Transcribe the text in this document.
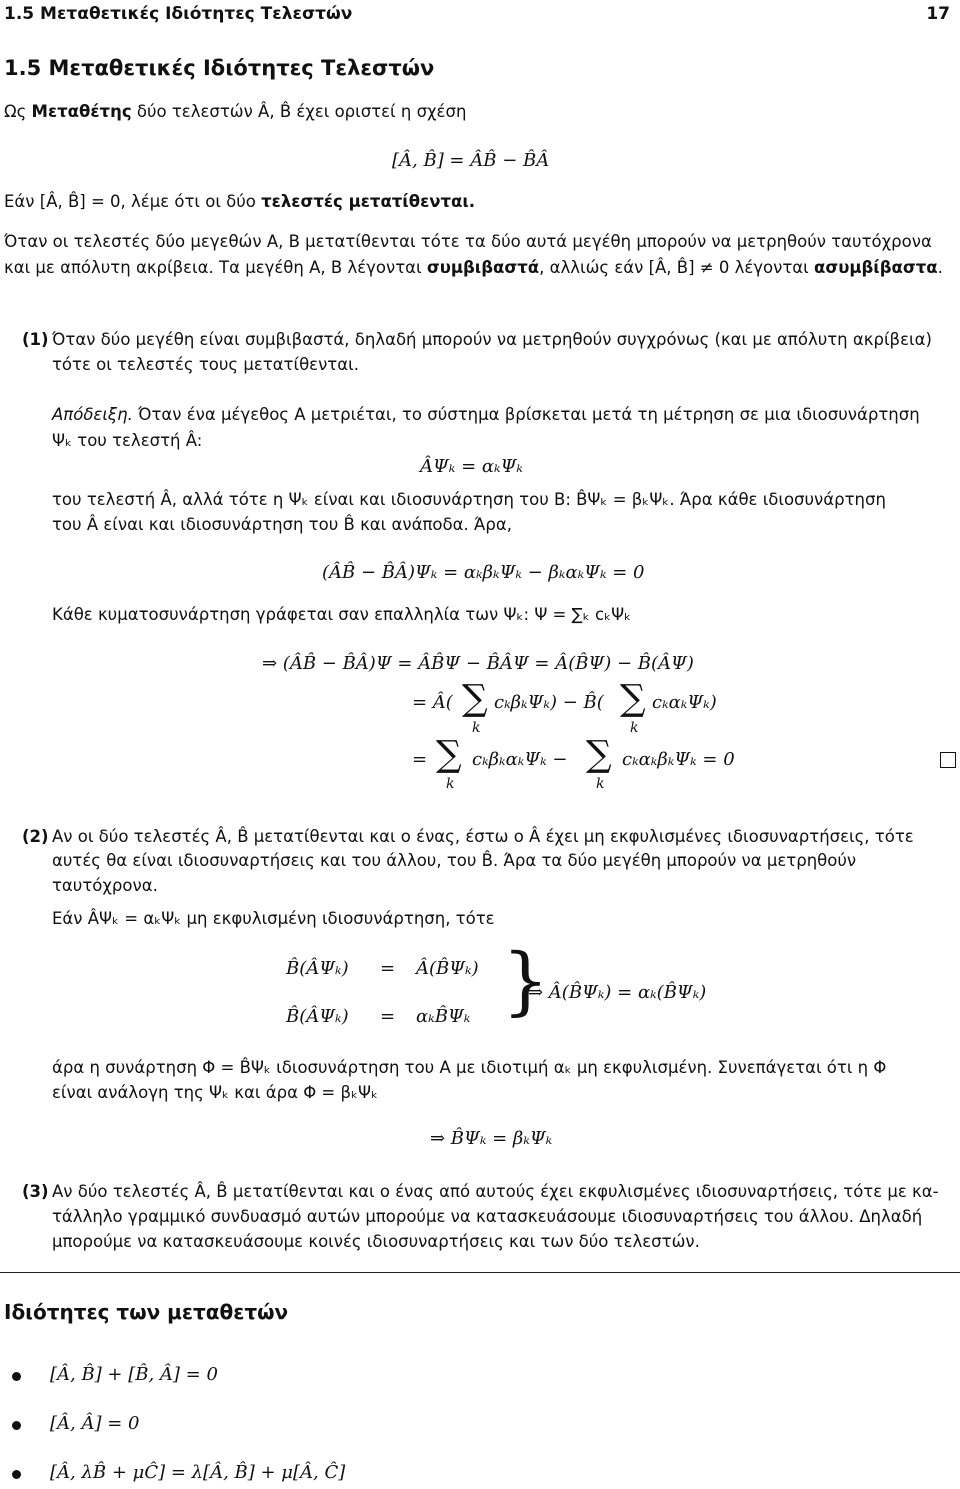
1.5 Μεταθετικές Ιδιότητες Τελεστών	17
1.5 Μεταθετικές Ιδιότητες Τελεστών
Ως Μεταθέτης δύο τελεστών Â, B̂ έχει οριστεί η σχέση
[Â, B̂] = ÂB̂ − B̂Â
Εάν [Â, B̂] = 0, λέμε ότι οι δύο τελεστές μετατίθενται.
Όταν οι τελεστές δύο μεγεθών A, B μετατίθενται τότε τα δύο αυτά μεγέθη μπορούν να μετρηθούν ταυτόχρονα
και με απόλυτη ακρίβεια. Τα μεγέθη A, B λέγονται συμβιβαστά, αλλιώς εάν [Â, B̂] ≠ 0 λέγονται ασυμβίβαστα.
(1) Όταν δύο μεγέθη είναι συμβιβαστά, δηλαδή μπορούν να μετρηθούν συγχρόνως (και με απόλυτη ακρίβεια)
τότε οι τελεστές τους μετατίθενται.
Απόδειξη. Όταν ένα μέγεθος A μετριέται, το σύστημα βρίσκεται μετά τη μέτρηση σε μια ιδιοσυνάρτηση
Ψₖ του τελεστή Â:
ÂΨₖ = αₖΨₖ
του τελεστή Â, αλλά τότε η Ψₖ είναι και ιδιοσυνάρτηση του B: B̂Ψₖ = βₖΨₖ. Άρα κάθε ιδιοσυνάρτηση
του Â είναι και ιδιοσυνάρτηση του B̂ και ανάποδα. Άρα,
(ÂB̂ − B̂Â)Ψₖ = αₖβₖΨₖ − βₖαₖΨₖ = 0
Κάθε κυματοσυνάρτηση γράφεται σαν επαλληλία των Ψₖ: Ψ = ∑ₖ cₖΨₖ
⇒ (ÂB̂ − B̂Â)Ψ = ÂB̂Ψ − B̂ÂΨ = Â(B̂Ψ) − B̂(ÂΨ)
= Â( ∑
k
cₖβₖΨₖ) − B̂( ∑
k
cₖαₖΨₖ)
= ∑
k
cₖβₖαₖΨₖ − ∑
k
cₖαₖβₖΨₖ = 0
(2) Αν οι δύο τελεστές Â, B̂ μετατίθενται και ο ένας, έστω ο Â έχει μη εκφυλισμένες ιδιοσυναρτήσεις, τότε
αυτές θα είναι ιδιοσυναρτήσεις και του άλλου, του B̂. Άρα τα δύο μεγέθη μπορούν να μετρηθούν
ταυτόχρονα.
Εάν ÂΨₖ = αₖΨₖ μη εκφυλισμένη ιδιοσυνάρτηση, τότε
B̂(ÂΨₖ) = Â(B̂Ψₖ)
B̂(ÂΨₖ) = αₖB̂Ψₖ }
⇒ Â(B̂Ψₖ) = αₖ(B̂Ψₖ)
άρα η συνάρτηση Φ = B̂Ψₖ ιδιοσυνάρτηση του A με ιδιοτιμή αₖ μη εκφυλισμένη. Συνεπάγεται ότι η Φ
είναι ανάλογη της Ψₖ και άρα Φ = βₖΨₖ
⇒ B̂Ψₖ = βₖΨₖ
(3) Αν δύο τελεστές Â, B̂ μετατίθενται και ο ένας από αυτούς έχει εκφυλισμένες ιδιοσυναρτήσεις, τότε με κα-
τάλληλο γραμμικό συνδυασμό αυτών μπορούμε να κατασκευάσουμε ιδιοσυναρτήσεις του άλλου. Δηλαδή
μπορούμε να κατασκευάσουμε κοινές ιδιοσυναρτήσεις και των δύο τελεστών.
Ιδιότητες των μεταθετών
[Â, B̂] + [B̂, Â] = 0
[Â, Â] = 0
[Â, λB̂ + μĈ] = λ[Â, B̂] + μ[Â, Ĉ]
